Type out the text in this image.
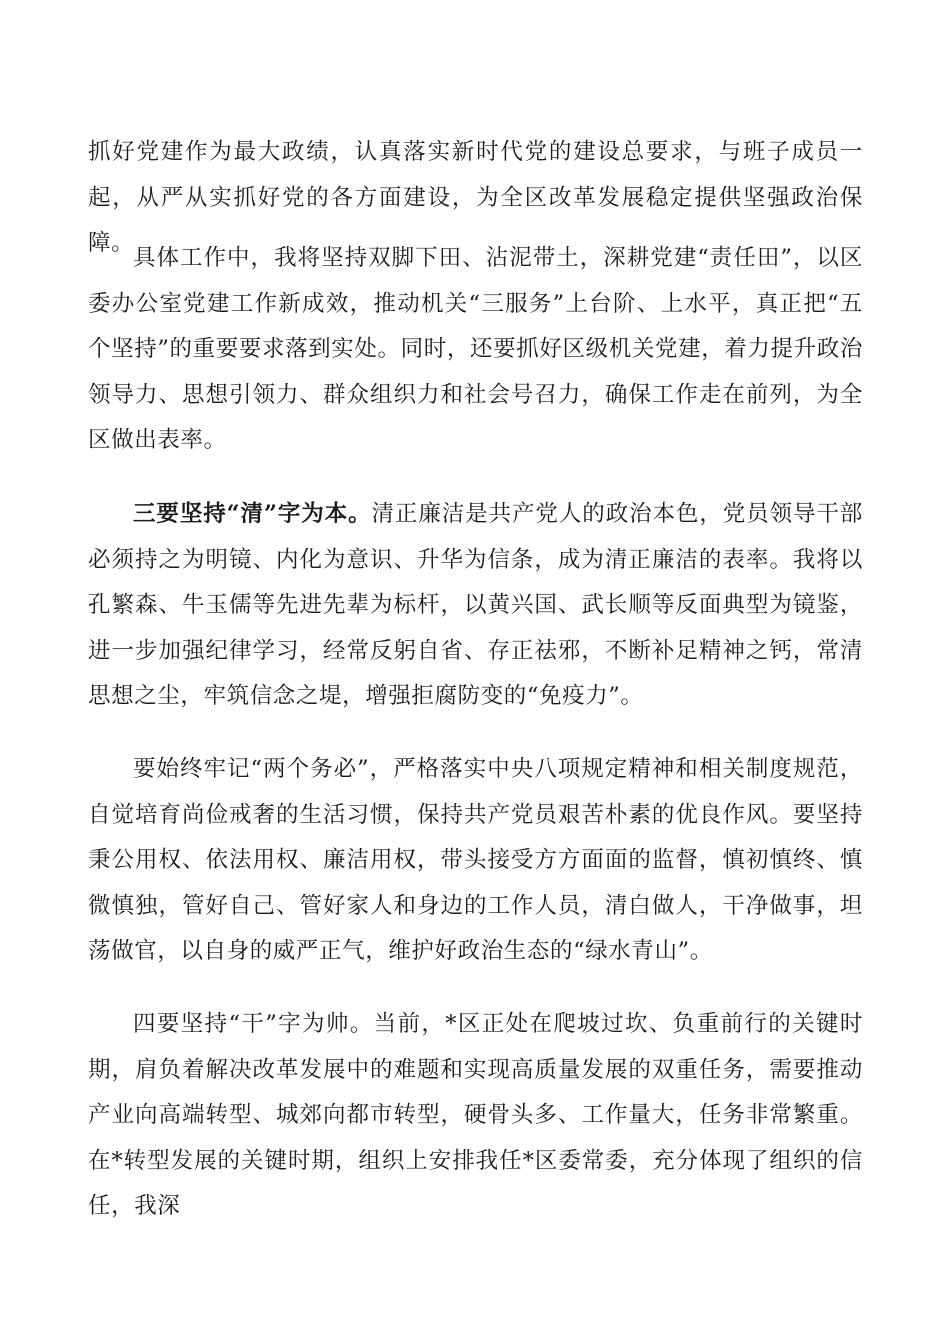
抓好党建作为最大政绩，认真落实新时代党的建设总要求，与班子成员一起，从严从实抓好党的各方面建设，为全区改革发展稳定提供坚强政治保障。

具体工作中，我将坚持双脚下田、沾泥带土，深耕党建“责任田”，以区委办公室党建工作新成效，推动机关“三服务”上台阶、上水平，真正把“五个坚持”的重要要求落到实处。同时，还要抓好区级机关党建，着力提升政治领导力、思想引领力、群众组织力和社会号召力，确保工作走在前列，为全区做出表率。

三要坚持“清”字为本。清正廉洁是共产党人的政治本色，党员领导干部必须持之为明镜、内化为意识、升华为信条，成为清正廉洁的表率。我将以孔繁森、牛玉儒等先进先辈为标杆，以黄兴国、武长顺等反面典型为镜鉴，进一步加强纪律学习，经常反躬自省、存正祛邪，不断补足精神之钙，常清思想之尘，牢筑信念之堤，增强拒腐防变的“免疫力”。

要始终牢记“两个务必”，严格落实中央八项规定精神和相关制度规范，自觉培育尚俭戒奢的生活习惯，保持共产党员艰苦朴素的优良作风。要坚持秉公用权、依法用权、廉洁用权，带头接受方方面面的监督，慎初慎终、慎微慎独，管好自己、管好家人和身边的工作人员，清白做人，干净做事，坦荡做官，以自身的威严正气，维护好政治生态的“绿水青山”。

四要坚持“干”字为帅。当前，*区正处在爬坡过坎、负重前行的关键时期，肩负着解决改革发展中的难题和实现高质量发展的双重任务，需要推动产业向高端转型、城郊向都市转型，硬骨头多、工作量大，任务非常繁重。在*转型发展的关键时期，组织上安排我任*区委常委，充分体现了组织的信任，我深
